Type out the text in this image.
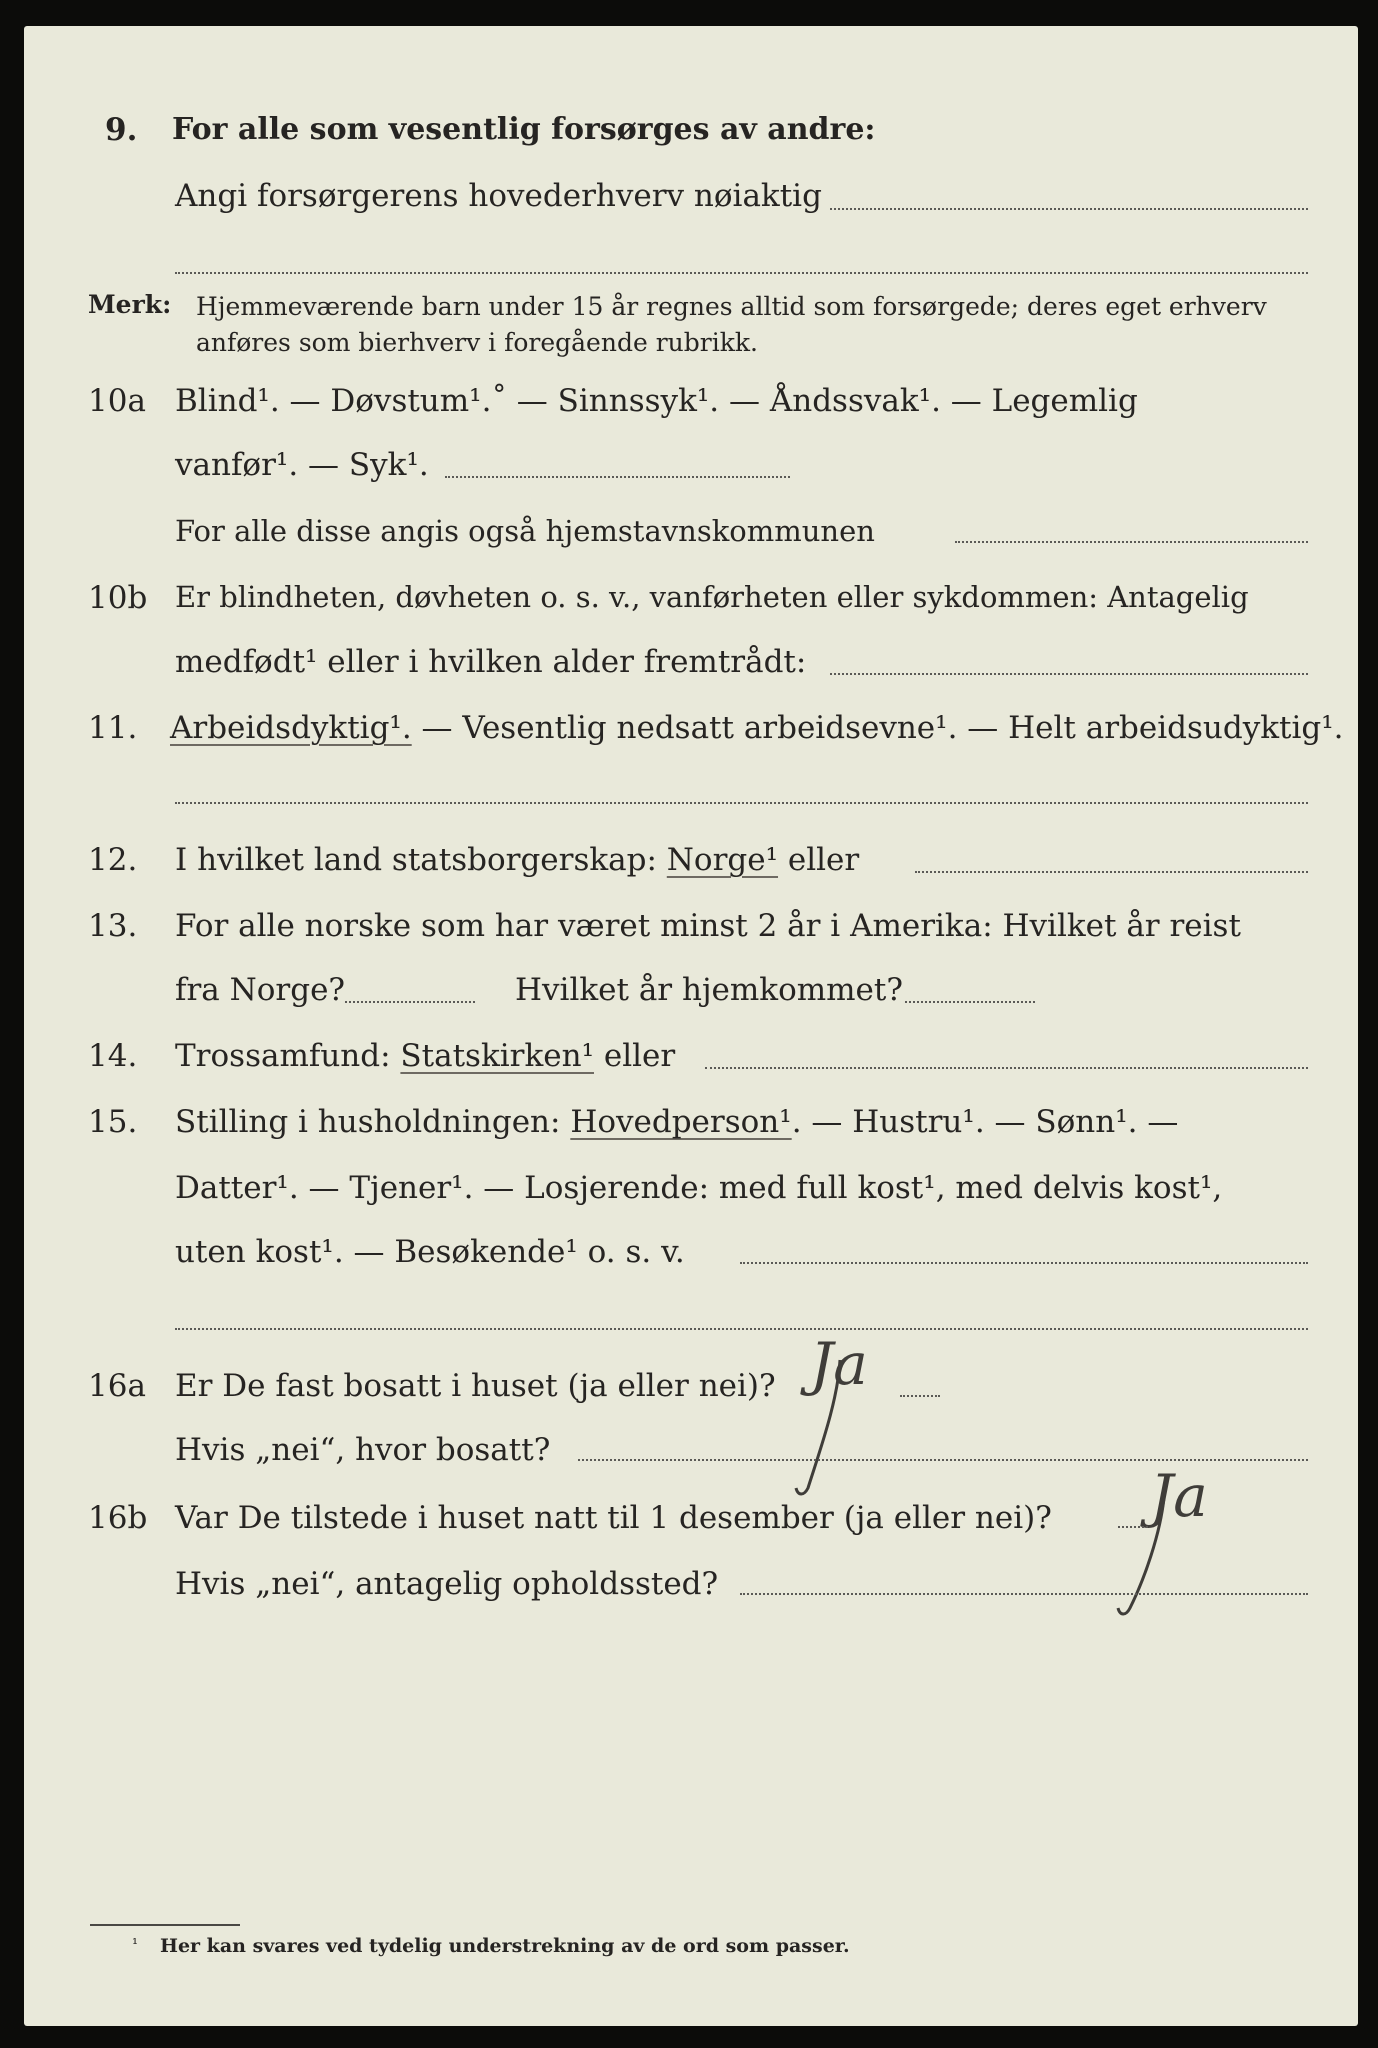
9. For alle som vesentlig forsørges av andre:
Angi forsørgerens hovederhverv nøiaktig
Merk: Hjemmeværende barn under 15 år regnes alltid som forsørgede; deres eget erhverv
anføres som bierhverv i foregående rubrikk.
10a Blind¹. — Døvstum¹.˚ — Sinnssyk¹. — Åndssvak¹. — Legemlig
vanfør¹. — Syk¹.
For alle disse angis også hjemstavnskommunen
10b Er blindheten, døvheten o. s. v., vanførheten eller sykdommen: Antagelig
medfødt¹ eller i hvilken alder fremtrådt:
11. Arbeidsdyktig¹. — Vesentlig nedsatt arbeidsevne¹. — Helt arbeidsudyktig¹.
12. I hvilket land statsborgerskap: Norge¹ eller
13. For alle norske som har været minst 2 år i Amerika: Hvilket år reist
fra Norge?	Hvilket år hjemkommet?
14. Trossamfund: Statskirken¹ eller
15. Stilling i husholdningen: Hovedperson¹. — Hustru¹. — Sønn¹. —
Datter¹. — Tjener¹. — Losjerende: med full kost¹, med delvis kost¹,
uten kost¹. — Besøkende¹ o. s. v.
16a Er De fast bosatt i huset (ja eller nei)? Ja
Hvis „nei“, hvor bosatt?
16b Var De tilstede i huset natt til 1 desember (ja eller nei)? Ja
Hvis „nei“, antagelig opholdssted?
¹ Her kan svares ved tydelig understrekning av de ord som passer.
